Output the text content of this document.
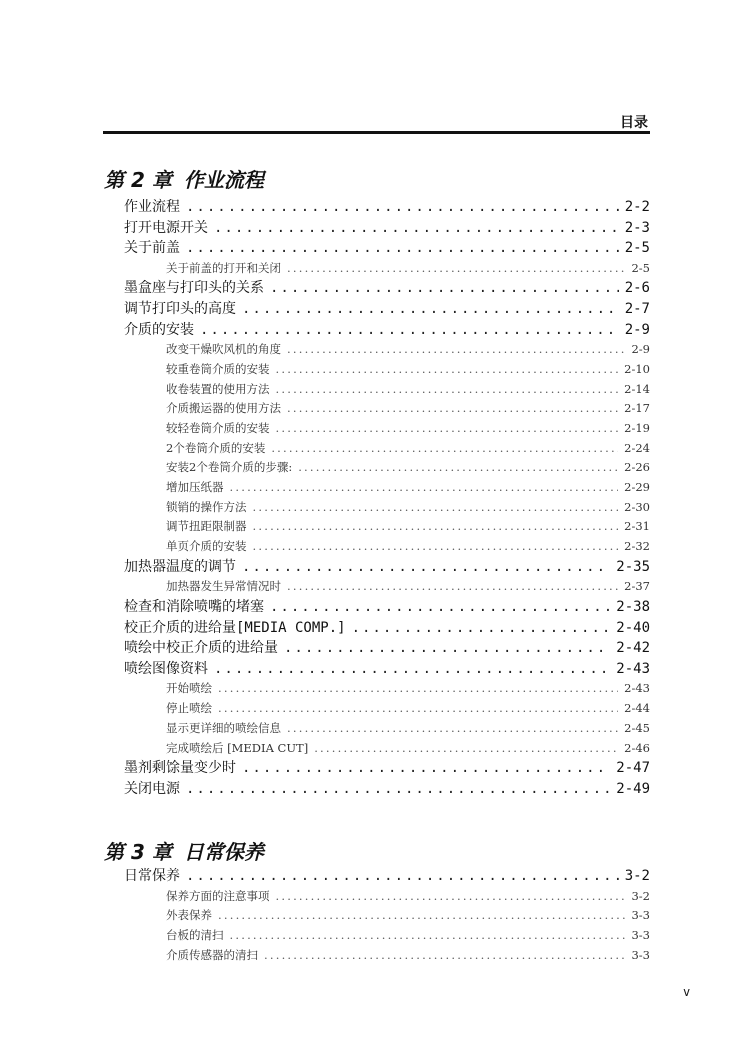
目录
第 2 章 作业流程
作业流程 .....	2-2
打开电源开关 .....	2-3
关于前盖 .....	2-5
关于前盖的打开和关闭 .....	2-5
墨盒座与打印头的关系 .....	2-6
调节打印头的高度 .....	2-7
介质的安装 .....	2-9
改变干燥吹风机的角度 .....	2-9
较重卷筒介质的安装 .....	2-10
收卷装置的使用方法 .....	2-14
介质搬运器的使用方法 .....	2-17
较轻卷筒介质的安装 .....	2-19
2个卷筒介质的安装 .....	2-24
安装2个卷筒介质的步骤: .....	2-26
增加压纸器 .....	2-29
锁销的操作方法 .....	2-30
调节扭距限制器 .....	2-31
单页介质的安装 .....	2-32
加热器温度的调节 .....	2-35
加热器发生异常情况时 .....	2-37
检查和消除喷嘴的堵塞 .....	2-38
校正介质的进给量[MEDIA COMP.] .....	2-40
喷绘中校正介质的进给量 .....	2-42
喷绘图像资料 .....	2-43
开始喷绘 .....	2-43
停止喷绘 .....	2-44
显示更详细的喷绘信息 .....	2-45
完成喷绘后 [MEDIA CUT] .....	2-46
墨剂剩馀量变少时 .....	2-47
关闭电源 .....	2-49
第 3 章 日常保养
日常保养 .....	3-2
保养方面的注意事项 .....	3-2
外表保养 .....	3-3
台板的清扫 .....	3-3
介质传感器的清扫 .....	3-3
v
